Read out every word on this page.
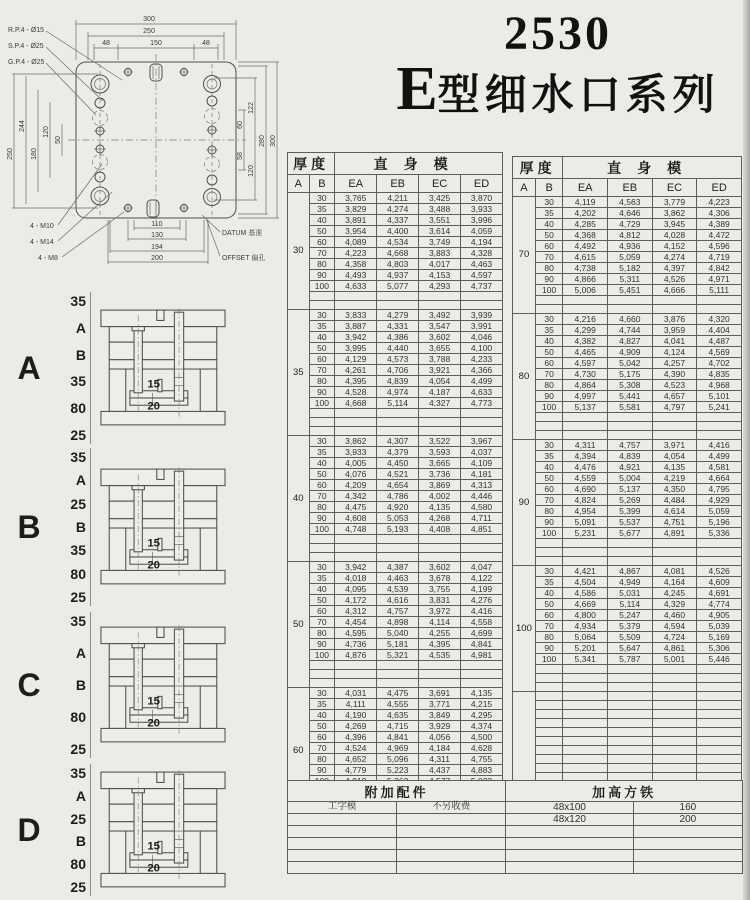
2530
E 型细水口系列
300
250
48	150	48
250
244
180
120
50
60
58
122
120
280 300
110
130
194
200
R.P.4 - Ø15
S.P.4 - Ø25
G.P.4 - Ø25
4 - M10
4 - M14
4 - M8
DATUM 基准
OFFSET 偏孔
A
35
A
B
35
80
25
15
20
B
35
A
25
B
35
80
25
15
20
C
35
A
B
80
25
15
20
D
35
A
25
B
80
25
15
20
厚度		直身模			
A	B	EA	EB	EC	ED
30	30	3,765	4,211	3,425	3,870
	35	3,829	4,274	3,488	3,933
	40	3,891	4,337	3,551	3,996
	50	3,954	4,400	3,614	4,059
	60	4,089	4,534	3,749	4,194
	70	4,223	4,668	3,883	4,328
	80	4,358	4,803	4,017	4,463
	90	4,493	4,937	4,153	4,597
	100	4,633	5,077	4,293	4,737

35	30	3,833	4,279	3,492	3,939
	35	3,887	4,331	3,547	3,991
	40	3,942	4,386	3,602	4,046
	50	3,995	4,440	3,655	4,100
	60	4,129	4,573	3,788	4,233
	70	4,261	4,706	3,921	4,366
	80	4,395	4,839	4,054	4,499
	90	4,528	4,974	4,187	4,633
	100	4,668	5,114	4,327	4,773

40	30	3,862	4,307	3,522	3,967
	35	3,933	4,379	3,593	4,037
	40	4,005	4,450	3,665	4,109
	50	4,076	4,521	3,736	4,181
	60	4,209	4,654	3,869	4,313
	70	4,342	4,786	4,002	4,446
	80	4,475	4,920	4,135	4,580
	90	4,608	5,053	4,268	4,711
	100	4,748	5,193	4,408	4,851

50	30	3,942	4,387	3,602	4,047
	35	4,018	4,463	3,678	4,122
	40	4,095	4,539	3,755	4,199
	50	4,172	4,616	3,831	4,276
	60	4,312	4,757	3,972	4,416
	70	4,454	4,898	4,114	4,558
	80	4,595	5,040	4,255	4,699
	90	4,736	5,181	4,395	4,841
	100	4,876	5,321	4,535	4,981

60	30	4,031	4,475	3,691	4,135
	35	4,111	4,555	3,771	4,215
	40	4,190	4,635	3,849	4,295
	50	4,269	4,715	3,929	4,374
	60	4,396	4,841	4,056	4,500
	70	4,524	4,969	4,184	4,628
	80	4,652	5,096	4,311	4,755
	90	4,779	5,223	4,437	4,883

厚度		直身模			
A	B	EA	EB	EC	ED
70	30	4,119	4,563	3,779	4,223
	35	4,202	4,646	3,862	4,306
	40	4,285	4,729	3,945	4,389
	50	4,368	4,812	4,028	4,472
	60	4,492	4,936	4,152	4,596
	70	4,615	5,059	4,274	4,719
	80	4,738	5,182	4,397	4,842
	90	4,866	5,311	4,526	4,971
	100	5,006	5,451	4,666	5,111

80	30	4,216	4,660	3,876	4,320
	35	4,299	4,744	3,959	4,404
	40	4,382	4,827	4,041	4,487
	50	4,465	4,909	4,124	4,569
	60	4,597	5,042	4,257	4,702
	70	4,730	5,175	4,390	4,835
	80	4,864	5,308	4,523	4,968
	90	4,997	5,441	4,657	5,101
	100	5,137	5,581	4,797	5,241

90	30	4,311	4,757	3,971	4,416
	35	4,394	4,839	4,054	4,499
	40	4,476	4,921	4,135	4,581
	50	4,559	5,004	4,219	4,664
	60	4,690	5,137	4,350	4,795
	70	4,824	5,269	4,484	4,929
	80	4,954	5,399	4,614	5,059
	90	5,091	5,537	4,751	5,196
	100	5,231	5,677	4,891	5,336

100	30	4,421	4,867	4,081	4,526
	35	4,504	4,949	4,164	4,609
	40	4,586	5,031	4,245	4,691
	50	4,669	5,114	4,329	4,774
	60	4,800	5,247	4,460	4,905
	70	4,934	5,379	4,594	5,039
	80	5,064	5,509	4,724	5,169
	90	5,201	5,647	4,861	5,306
	100	5,341	5,787	5,001	5,446

附加配件		加高方铁	
工字模	不另收费	48x100	160
		48x120	200
